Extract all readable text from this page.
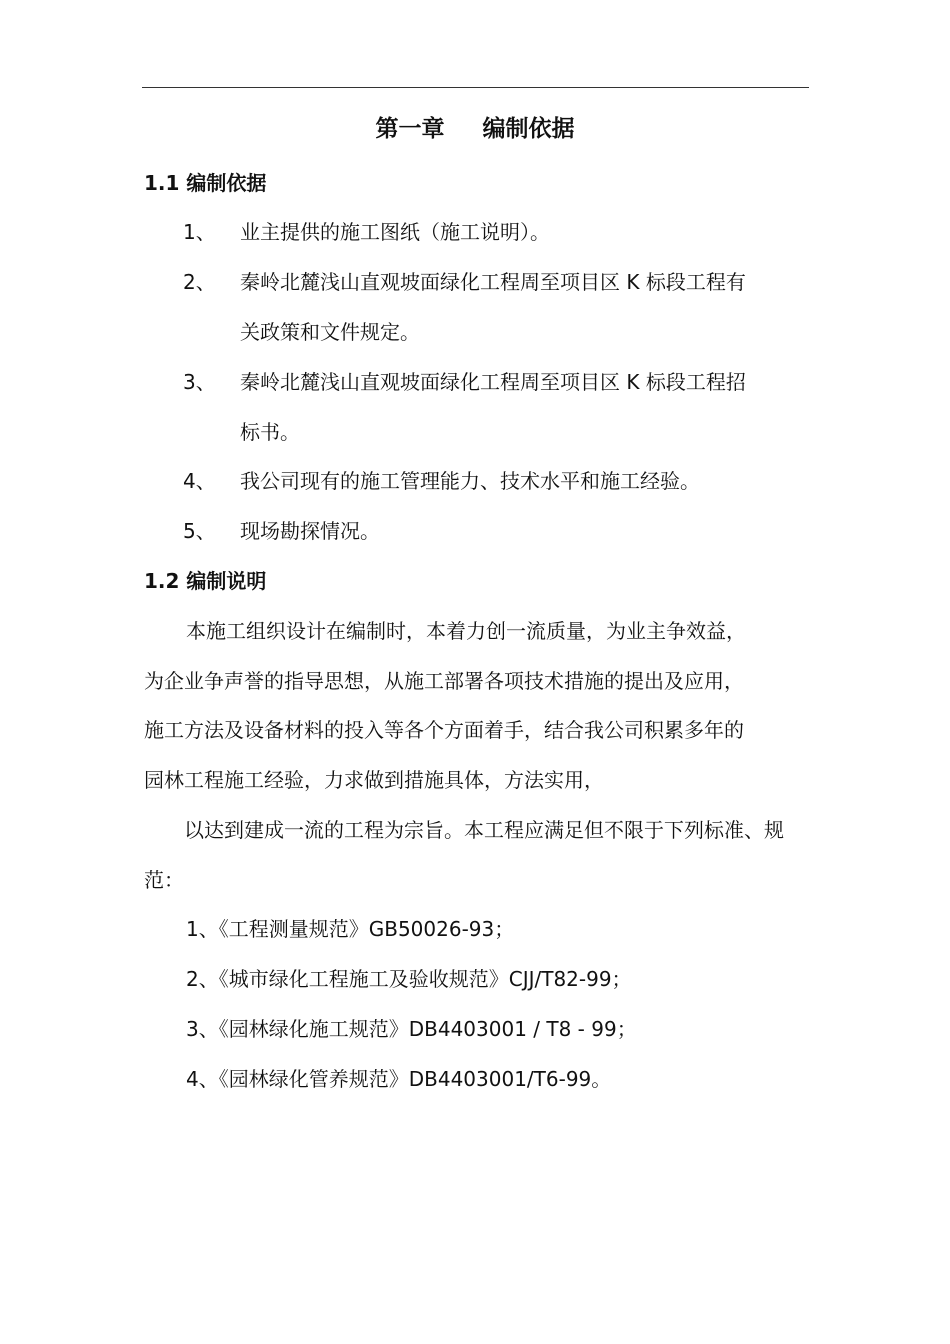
第一章 编制依据
1.1 编制依据
1、 业主提供的施工图纸（施工说明）。
2、 秦岭北麓浅山直观坡面绿化工程周至项目区 K 标段工程有
关政策和文件规定。
3、 秦岭北麓浅山直观坡面绿化工程周至项目区 K 标段工程招
标书。
4、 我公司现有的施工管理能力、技术水平和施工经验。
5、 现场勘探情况。
1.2 编制说明
本施工组织设计在编制时，本着力创一流质量，为业主争效益，
为企业争声誉的指导思想，从施工部署各项技术措施的提出及应用，
施工方法及设备材料的投入等各个方面着手，结合我公司积累多年的
园林工程施工经验，力求做到措施具体，方法实用，
以达到建成一流的工程为宗旨。本工程应满足但不限于下列标准、规
范：
1、《工程测量规范》GB50026-93；
2、《城市绿化工程施工及验收规范》CJJ/T82-99；
3、《园林绿化施工规范》DB4403001 / T8 - 99；
4、《园林绿化管养规范》DB4403001/T6-99。
